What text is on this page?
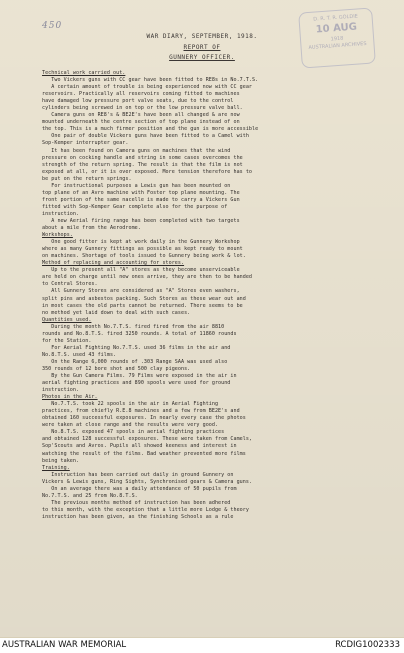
450
D. R. T. R. GOLDIE
10 AUG
1918
AUSTRALIAN ARCHIVES
WAR DIARY, SEPTEMBER, 1918.
REPORT OF
GUNNERY OFFICER.

Technical work carried out.

Two Vickers guns with CC gear have been fitted to RE8s in No.7.T.S.

A certain amount of trouble is being experienced now with CC gear

reservoirs. Practically all reservoirs coming fitted to machines

have damaged low pressure port valve seats, due to the control

cylinders being screwed in on top or the low pressure valve ball.

Camera guns on RE8's & BE2E's have been all changed & are now

mounted underneath the centre section of top plane instead of on

the top. This is a much firmer position and the gun is more accessible

One pair of double Vickers guns have been fitted to a Camel with

Sop-Kemper interrupter gear.

It has been found on Camera guns on machines that the wind

pressure on cocking handle and string in some cases overcomes the

strength of the return spring. The result is that the film is not

exposed at all, or it is over exposed. More tension therefore has to

be put on the return springs.

For instructional purposes a Lewis gun has been mounted on

top plane of an Avro machine with Foster top plane mounting. The

front portion of the same nacelle is made to carry a Vickers Gun

fitted with Sop-Kemper Gear complete also for the purpose of

instruction.

A new Aerial firing range has been completed with two targets

about a mile from the Aerodrome.

Workshops.

One good fitter is kept at work daily in the Gunnery Workshop

where as many Gunnery fittings as possible as kept ready to mount

on machines. Shortage of tools issued to Gunnery being work & lot.

Method of replacing and accounting for stores.

Up to the present all "A" stores as they become unserviceable

are held on charge until new ones arrive, they are then to be handed

to Central Stores.

All Gunnery Stores are considered as "A" Stores even washers,

split pins and asbestos packing. Such Stores as these wear out and

in most cases the old parts cannot be returned. There seems to be

no method yet laid down to deal with such cases.

Quantities used.

During the month No.7.T.S. fired fired from the air 8810

rounds and No.8.T.S. fired 3250 rounds. A total of 11860 rounds

for the Station.

For Aerial Fighting No.7.T.S. used 36 films in the air and

No.8.T.S. used 43 films.

On the Range 6,000 rounds of .303 Range SAA was used also

350 rounds of 12 bore shot and 500 clay pigeons.

By the Gun Camera Films. 79 Films were exposed in the air in

aerial fighting practices and 890 spools were used for ground

instruction.

Photos in the Air.

No.7.T.S. took 22 spools in the air in Aerial Fighting

practices, from chiefly R.E.8 machines and a few from BE2E's and

obtained 160 successful exposures. In nearly every case the photos

were taken at close range and the results were very good.

No.8.T.S. exposed 47 spools in aerial fighting practices

and obtained 128 successful exposures. These were taken from Camels,

Sop'Scouts and Avros. Pupils all showed keeness and interest in

watching the result of the films. Bad weather prevented more films

being taken.

Training.

Instruction has been carried out daily in ground Gunnery on

Vickers & Lewis guns, Ring Sights, Synchronised gears & Camera guns.

On an average there was a daily attendance of 50 pupils from

No.7.T.S. and 25 from No.8.T.S.

The previous months method of instruction has been adhered

to this month, with the exception that a little more Lodge & theory

instruction has been given, as the finishing Schools as a rule

AUSTRALIAN WAR MEMORIAL	RCDIG1002333
